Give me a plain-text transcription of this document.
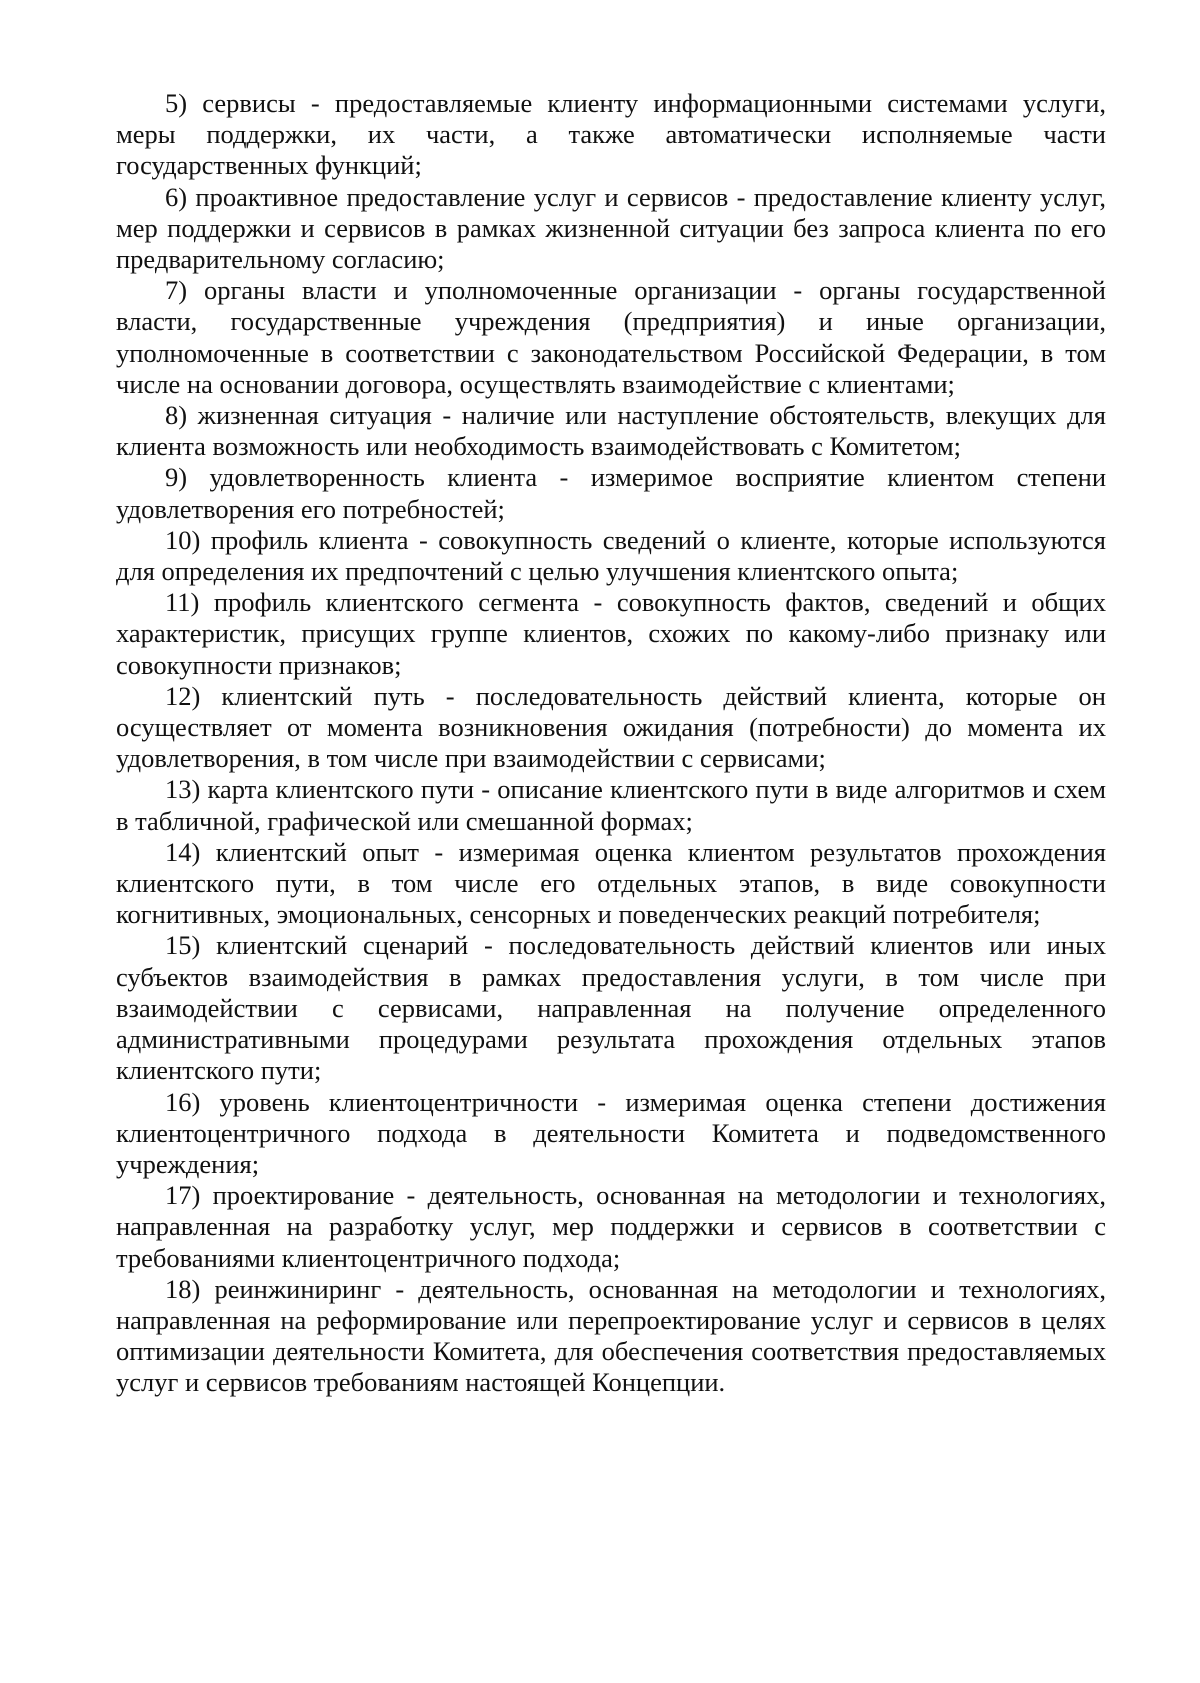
5) сервисы - предоставляемые клиенту информационными системами услуги, меры поддержки, их части, а также автоматически исполняемые части государственных функций;

6) проактивное предоставление услуг и сервисов - предоставление клиенту услуг, мер поддержки и сервисов в рамках жизненной ситуации без запроса клиента по его предварительному согласию;

7) органы власти и уполномоченные организации - органы государственной власти, государственные учреждения (предприятия) и иные организации, уполномоченные в соответствии с законодательством Российской Федерации, в том числе на основании договора, осуществлять взаимодействие с клиентами;

8) жизненная ситуация - наличие или наступление обстоятельств, влекущих для клиента возможность или необходимость взаимодействовать с Комитетом;

9) удовлетворенность клиента - измеримое восприятие клиентом степени удовлетворения его потребностей;

10) профиль клиента - совокупность сведений о клиенте, которые используются для определения их предпочтений с целью улучшения клиентского опыта;

11) профиль клиентского сегмента - совокупность фактов, сведений и общих характеристик, присущих группе клиентов, схожих по какому-либо признаку или совокупности признаков;

12) клиентский путь - последовательность действий клиента, которые он осуществляет от момента возникновения ожидания (потребности) до момента их удовлетворения, в том числе при взаимодействии с сервисами;

13) карта клиентского пути - описание клиентского пути в виде алгоритмов и схем в табличной, графической или смешанной формах;

14) клиентский опыт - измеримая оценка клиентом результатов прохождения клиентского пути, в том числе его отдельных этапов, в виде совокупности когнитивных, эмоциональных, сенсорных и поведенческих реакций потребителя;

15) клиентский сценарий - последовательность действий клиентов или иных субъектов взаимодействия в рамках предоставления услуги, в том числе при взаимодействии с сервисами, направленная на получение определенного административными процедурами результата прохождения отдельных этапов клиентского пути;

16) уровень клиентоцентричности - измеримая оценка степени достижения клиентоцентричного подхода в деятельности Комитета и подведомственного учреждения;

17) проектирование - деятельность, основанная на методологии и технологиях, направленная на разработку услуг, мер поддержки и сервисов в соответствии с требованиями клиентоцентричного подхода;

18) реинжиниринг - деятельность, основанная на методологии и технологиях, направленная на реформирование или перепроектирование услуг и сервисов в целях оптимизации деятельности Комитета, для обеспечения соответствия предоставляемых услуг и сервисов требованиям настоящей Концепции.
